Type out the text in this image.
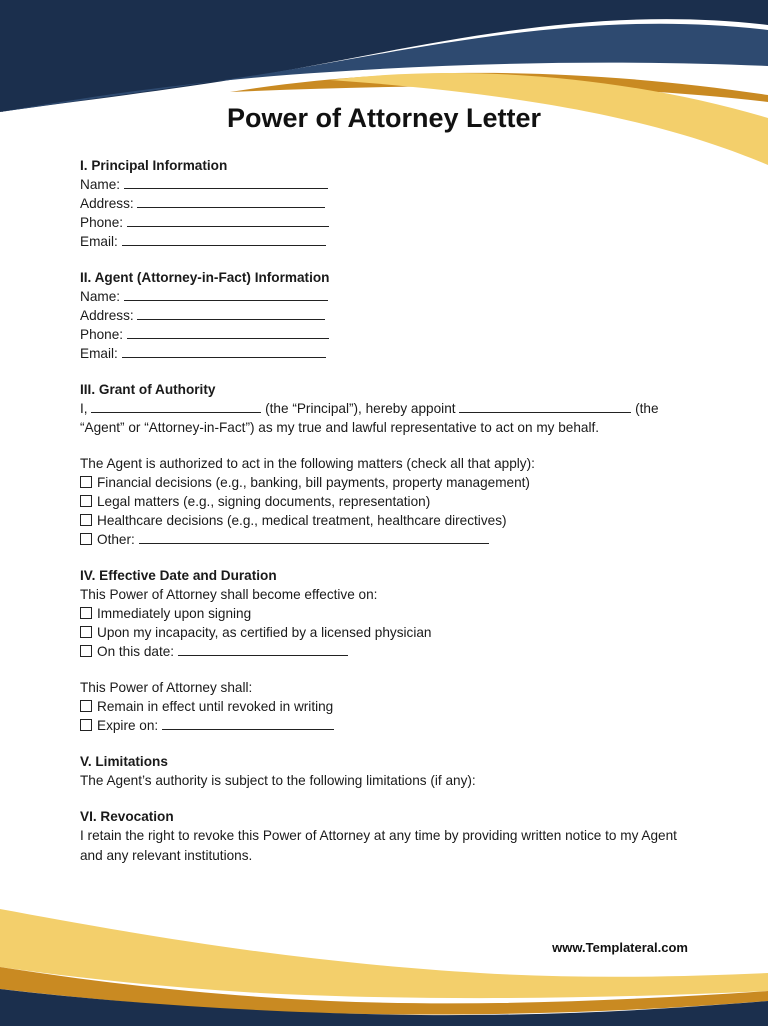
Power of Attorney Letter
I. Principal Information
Name:
Address:
Phone:
Email:
II. Agent (Attorney-in-Fact) Information
Name:
Address:
Phone:
Email:
III. Grant of Authority
I,	(the “Principal”), hereby appoint	(the
“Agent” or “Attorney-in-Fact”) as my true and lawful representative to act on my behalf.
The Agent is authorized to act in the following matters (check all that apply):
Financial decisions (e.g., banking, bill payments, property management)
Legal matters (e.g., signing documents, representation)
Healthcare decisions (e.g., medical treatment, healthcare directives)
Other:
IV. Effective Date and Duration
This Power of Attorney shall become effective on:
Immediately upon signing
Upon my incapacity, as certified by a licensed physician
On this date:
This Power of Attorney shall:
Remain in effect until revoked in writing
Expire on:
V. Limitations
The Agent’s authority is subject to the following limitations (if any):
VI. Revocation
I retain the right to revoke this Power of Attorney at any time by providing written notice to my Agent and any relevant institutions.
www.Templateral.com
